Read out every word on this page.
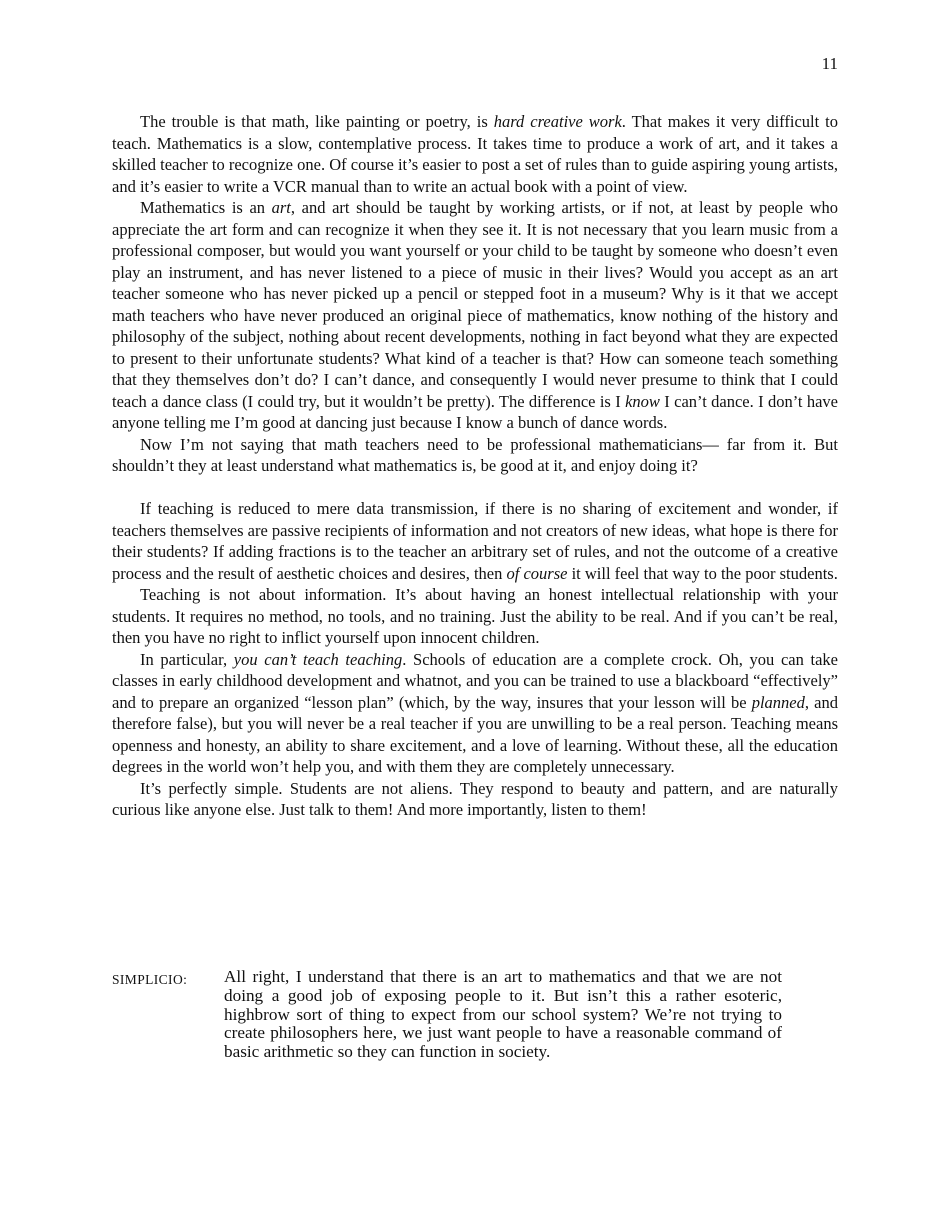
11

The trouble is that math, like painting or poetry, is hard creative work. That makes it very difficult to teach. Mathematics is a slow, contemplative process. It takes time to produce a work of art, and it takes a skilled teacher to recognize one. Of course it’s easier to post a set of rules than to guide aspiring young artists, and it’s easier to write a VCR manual than to write an actual book with a point of view.

Mathematics is an art, and art should be taught by working artists, or if not, at least by people who appreciate the art form and can recognize it when they see it. It is not necessary that you learn music from a professional composer, but would you want yourself or your child to be taught by someone who doesn’t even play an instrument, and has never listened to a piece of music in their lives? Would you accept as an art teacher someone who has never picked up a pencil or stepped foot in a museum? Why is it that we accept math teachers who have never produced an original piece of mathematics, know nothing of the history and philosophy of the subject, nothing about recent developments, nothing in fact beyond what they are expected to present to their unfortunate students? What kind of a teacher is that? How can someone teach something that they themselves don’t do? I can’t dance, and consequently I would never presume to think that I could teach a dance class (I could try, but it wouldn’t be pretty). The difference is I know I can’t dance. I don’t have anyone telling me I’m good at dancing just because I know a bunch of dance words.

Now I’m not saying that math teachers need to be professional mathematicians— far from it. But shouldn’t they at least understand what mathematics is, be good at it, and enjoy doing it?

If teaching is reduced to mere data transmission, if there is no sharing of excitement and wonder, if teachers themselves are passive recipients of information and not creators of new ideas, what hope is there for their students? If adding fractions is to the teacher an arbitrary set of rules, and not the outcome of a creative process and the result of aesthetic choices and desires, then of course it will feel that way to the poor students.

Teaching is not about information. It’s about having an honest intellectual relationship with your students. It requires no method, no tools, and no training. Just the ability to be real. And if you can’t be real, then you have no right to inflict yourself upon innocent children.

In particular, you can’t teach teaching. Schools of education are a complete crock. Oh, you can take classes in early childhood development and whatnot, and you can be trained to use a blackboard “effectively” and to prepare an organized “lesson plan” (which, by the way, insures that your lesson will be planned, and therefore false), but you will never be a real teacher if you are unwilling to be a real person. Teaching means openness and honesty, an ability to share excitement, and a love of learning. Without these, all the education degrees in the world won’t help you, and with them they are completely unnecessary.

It’s perfectly simple. Students are not aliens. They respond to beauty and pattern, and are naturally curious like anyone else. Just talk to them! And more importantly, listen to them!

SIMPLICIO: All right, I understand that there is an art to mathematics and that we are not doing a good job of exposing people to it. But isn’t this a rather esoteric, highbrow sort of thing to expect from our school system? We’re not trying to create philosophers here, we just want people to have a reasonable command of basic arithmetic so they can function in society.
